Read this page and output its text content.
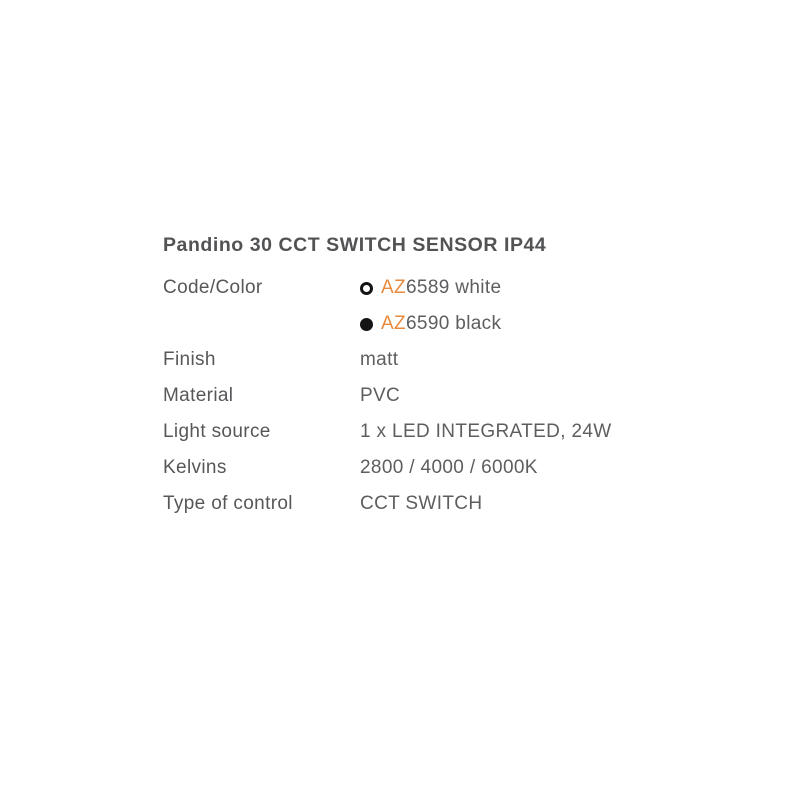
Pandino 30 CCT SWITCH SENSOR IP44
Code/Color	AZ6589 white
AZ6590 black
Finish	matt
Material	PVC
Light source	1 x LED INTEGRATED, 24W
Kelvins	2800 / 4000 / 6000K
Type of control	CCT SWITCH
